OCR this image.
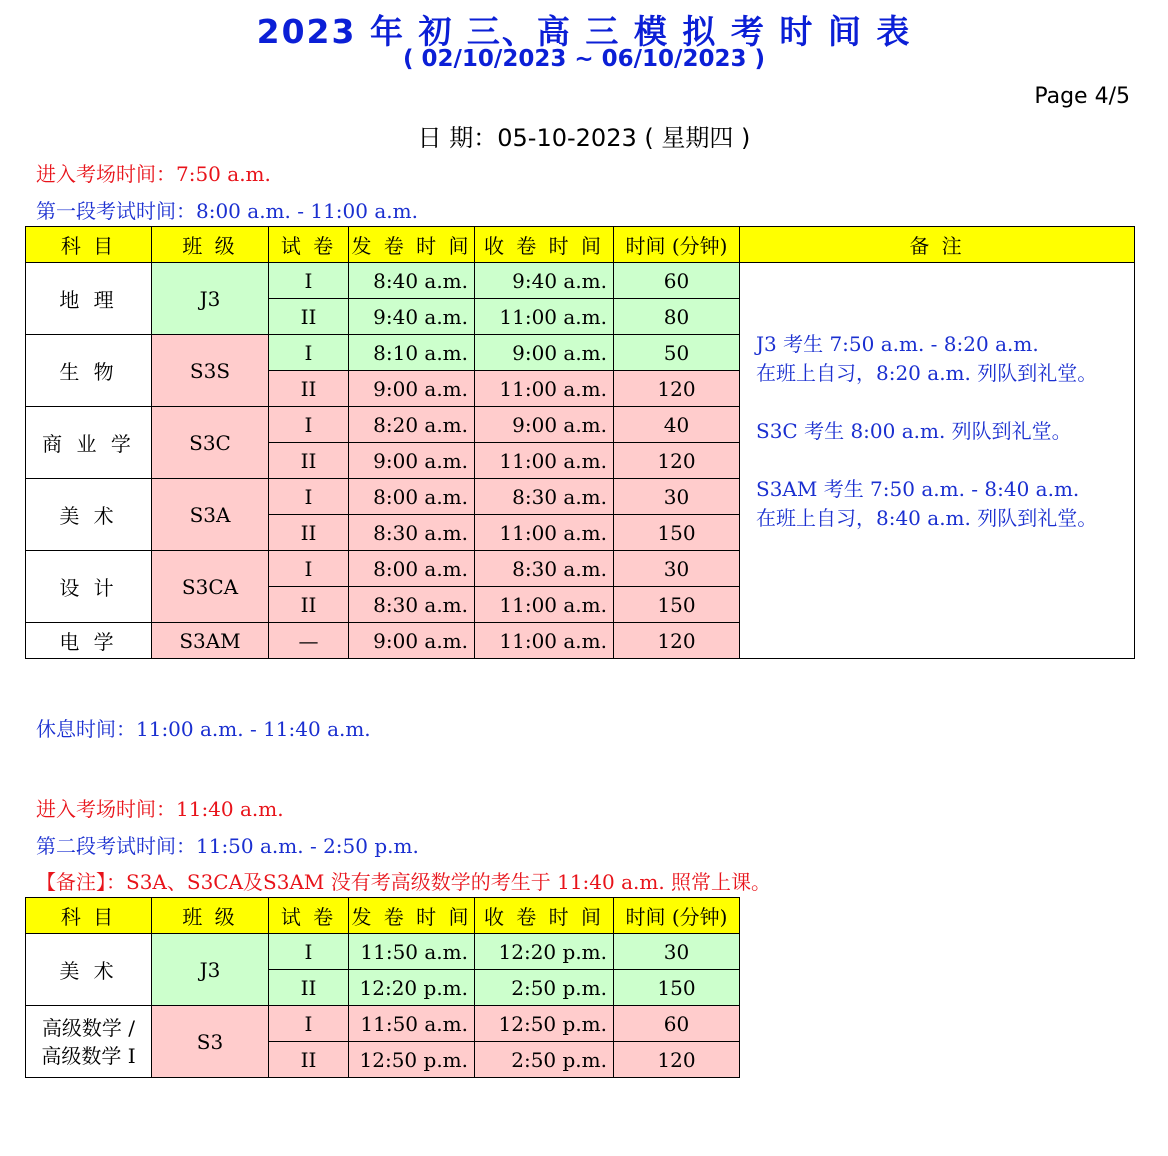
2023 年 初 三、高 三 模 拟 考 时 间 表
( 02/10/2023 ~ 06/10/2023 )
Page 4/5
日 期：05-10-2023 ( 星期四 )
进入考场时间：7:50 a.m.
第一段考试时间：8:00 a.m. - 11:00 a.m.
科 目	班 级	试 卷	发 卷 时 间	收 卷 时 间	时间 (分钟)	备 注
地 理	J3	I	8:40 a.m.	9:40 a.m.	60	J3 考生 7:50 a.m. - 8:20 a.m.
在班上自习，8:20 a.m. 列队到礼堂。
S3C 考生 8:00 a.m. 列队到礼堂。
S3AM 考生 7:50 a.m. - 8:40 a.m.
在班上自习，8:40 a.m. 列队到礼堂。

		II	9:40 a.m.	11:00 a.m.	80	
生 物	S3S	I	8:10 a.m.	9:00 a.m.	50	
		II	9:00 a.m.	11:00 a.m.	120	
商 业 学	S3C	I	8:20 a.m.	9:00 a.m.	40	
		II	9:00 a.m.	11:00 a.m.	120	
美 术	S3A	I	8:00 a.m.	8:30 a.m.	30	
		II	8:30 a.m.	11:00 a.m.	150	
设 计	S3CA	I	8:00 a.m.	8:30 a.m.	30	
		II	8:30 a.m.	11:00 a.m.	150	
电 学	S3AM	—	9:00 a.m.	11:00 a.m.	120	
休息时间：11:00 a.m. - 11:40 a.m.
进入考场时间：11:40 a.m.
第二段考试时间：11:50 a.m. - 2:50 p.m.
【备注】：S3A、S3CA及S3AM 没有考高级数学的考生于 11:40 a.m. 照常上课。
科 目	班 级	试 卷	发 卷 时 间	收 卷 时 间	时间 (分钟)
美 术	J3	I	11:50 a.m.	12:20 p.m.	30
		II	12:20 p.m.	2:50 p.m.	150

高级数学 /
高级数学 I	S3	I	11:50 a.m.	12:50 p.m.	60
		II	12:50 p.m.	2:50 p.m.	120
